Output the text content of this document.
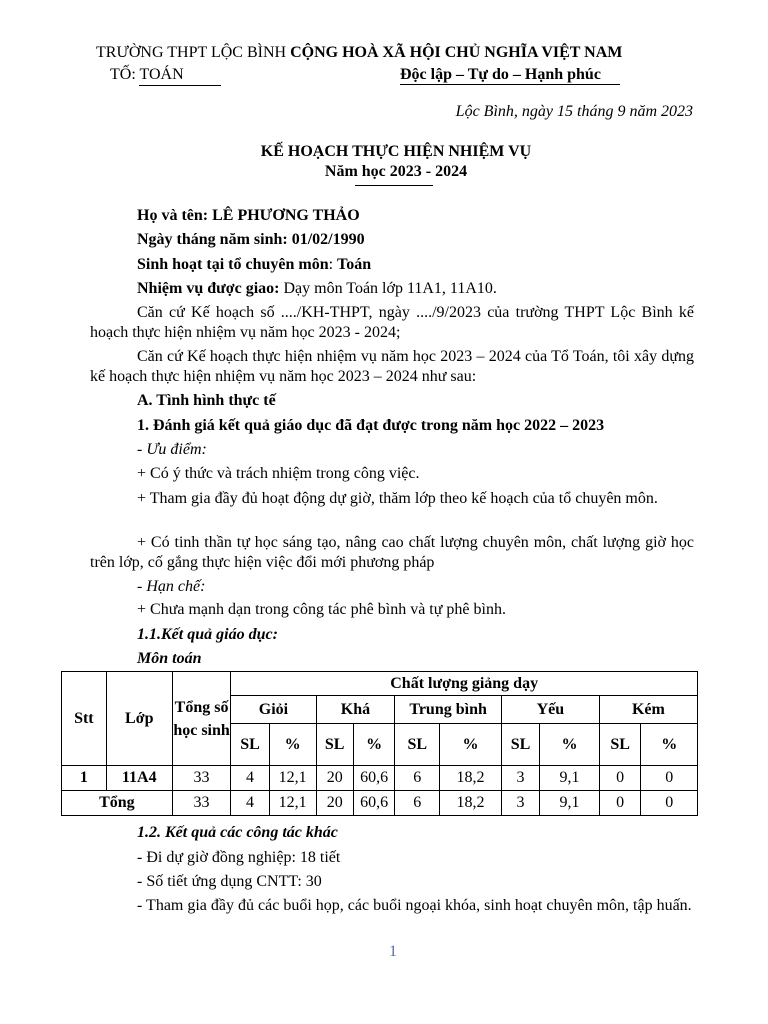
TRƯỜNG THPT LỘC BÌNH CỘNG HOÀ XÃ HỘI CHỦ NGHĨA VIỆT NAM
TỐ: TOÁN	Độc lập – Tự do – Hạnh phúc
Lộc Bình, ngày 15 tháng 9 năm 2023
KẾ HOẠCH THỰC HIỆN NHIỆM VỤ
Năm học 2023 - 2024
Họ và tên: LÊ PHƯƠNG THẢO
Ngày tháng năm sinh: 01/02/1990
Sinh hoạt tại tổ chuyên môn: Toán
Nhiệm vụ được giao: Dạy môn Toán lớp 11A1, 11A10.
Căn cứ Kế hoạch số ..../KH-THPT, ngày ..../9/2023 của trường THPT Lộc Bình kế hoạch thực hiện nhiệm vụ năm học 2023 - 2024;
Căn cứ Kế hoạch thực hiện nhiệm vụ năm học 2023 – 2024 của Tổ Toán, tôi xây dựng kế hoạch thực hiện nhiệm vụ năm học 2023 – 2024 như sau:
A. Tình hình thực tế
1. Đánh giá kết quả giáo dục đã đạt được trong năm học 2022 – 2023
- Ưu điểm:
+ Có ý thức và trách nhiệm trong công việc.
+ Tham gia đầy đủ hoạt động dự giờ, thăm lớp theo kế hoạch của tổ chuyên môn.
+ Có tinh thần tự học sáng tạo, nâng cao chất lượng chuyên môn, chất lượng giờ học trên lớp, cố gắng thực hiện việc đổi mới phương pháp
- Hạn chế:
+ Chưa mạnh dạn trong công tác phê bình và tự phê bình.
1.1.Kết quả giáo dục:
Môn toán
Stt	Lớp	Tổng số học sinh	Chất lượng giảng dạy									
			Giỏi		Khá		Trung bình		Yếu		Kém	
			SL	%	SL	%	SL	%	SL	%	SL	%
1	11A4	33	4	12,1	20	60,6	6	18,2	3	9,1	0	0
Tổng		33	4	12,1	20	60,6	6	18,2	3	9,1	0	0
1.2. Kết quả các công tác khác
- Đi dự giờ đồng nghiệp: 18 tiết
- Số tiết ứng dụng CNTT: 30
- Tham gia đầy đủ các buổi họp, các buổi ngoại khóa, sinh hoạt chuyên môn, tập huấn.
1
